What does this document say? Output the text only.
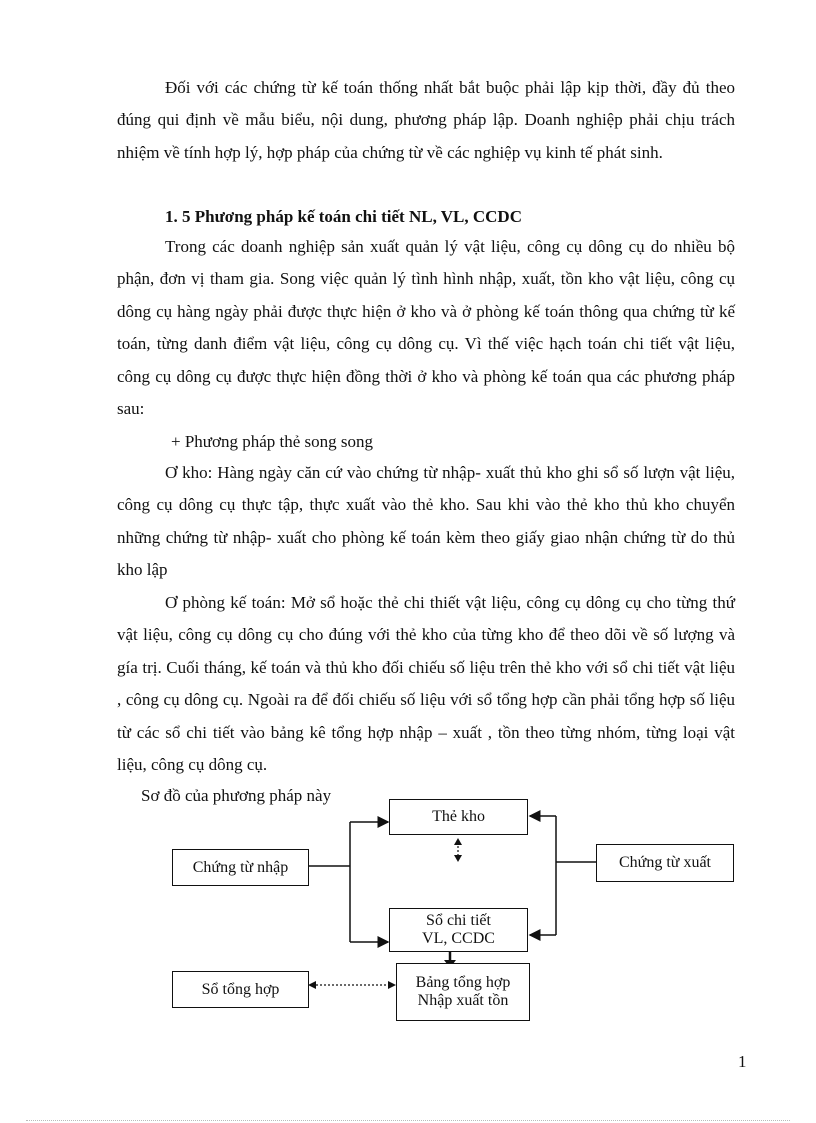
Đối với các chứng từ kế toán thống nhất bắt buộc phải lập kịp thời, đầy đủ theo đúng qui định về mẫu biểu, nội dung, phương pháp lập. Doanh nghiệp phải chịu trách nhiệm về tính hợp lý, hợp pháp của chứng từ về các nghiệp vụ kinh tế phát sinh.

1. 5 Phương pháp kế toán chi tiết NL, VL, CCDC

Trong các doanh nghiệp sản xuất quản lý vật liệu, công cụ dông cụ do nhiều bộ phận, đơn vị tham gia. Song việc quản lý tình hình nhập, xuất, tồn kho vật liệu, công cụ dông cụ hàng ngày phải được thực hiện ở kho và ở phòng kế toán thông qua chứng từ kế toán, từng danh điểm vật liệu, công cụ dông cụ. Vì thế việc hạch toán chi tiết vật liệu, công cụ dông cụ được thực hiện đồng thời ở kho và phòng kế toán qua các phương pháp sau:

+ Phương pháp thẻ song song

Ơ kho: Hàng ngày căn cứ vào chứng từ nhập- xuất thủ kho ghi sổ số lượn vật liệu, công cụ dông cụ thực tập, thực xuất vào thẻ kho. Sau khi vào thẻ kho thủ kho chuyển những chứng từ nhập- xuất cho phòng kế toán kèm theo giấy giao nhận chứng từ do thủ kho lập

Ơ phòng kế toán: Mở sổ hoặc thẻ chi thiết vật liệu, công cụ dông cụ cho từng thứ vật liệu, công cụ dông cụ cho đúng với thẻ kho của từng kho để theo dõi về số lượng và gía trị. Cuối tháng, kế toán và thủ kho đối chiếu số liệu trên thẻ kho với sổ chi tiết vật liệu , công cụ dông cụ. Ngoài ra để đối chiếu số liệu với sổ tổng hợp cần phải tổng hợp số liệu từ các sổ chi tiết vào bảng kê tổng hợp nhập – xuất , tồn theo từng nhóm, từng loại vật liệu, công cụ dông cụ.

Sơ đồ của phương pháp này

Thẻ kho
Chứng từ nhập	Chứng từ xuất
Sổ chi tiết
VL, CCDC
Sổ tổng hợp	Bảng tổng hợp
Nhập xuất tồn

1
